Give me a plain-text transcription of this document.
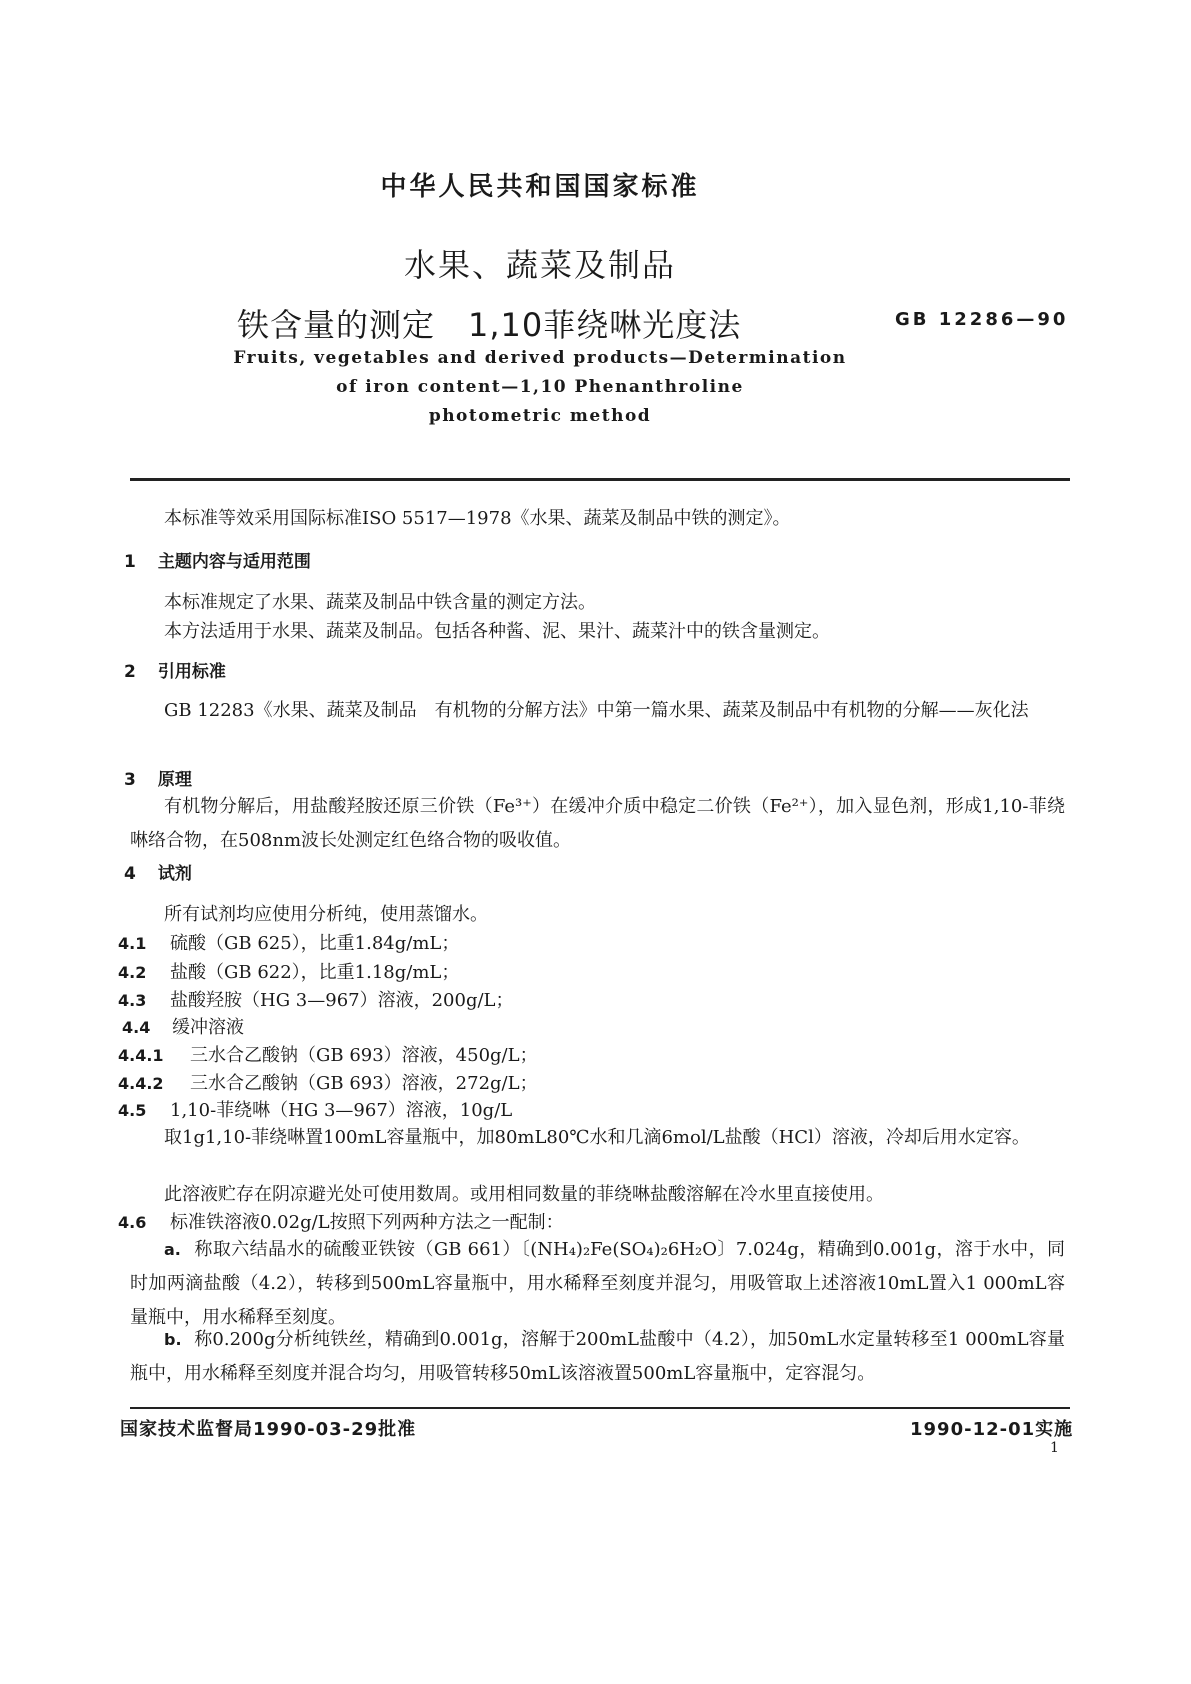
中华人民共和国国家标准
水果、蔬菜及制品
铁含量的测定　1,10菲绕啉光度法	GB 12286—90
Fruits, vegetables and derived products—Determination
of iron content—1,10 Phenanthroline
photometric method
本标准等效采用国际标准ISO 5517—1978《水果、蔬菜及制品中铁的测定》。
1 主题内容与适用范围
本标准规定了水果、蔬菜及制品中铁含量的测定方法。
本方法适用于水果、蔬菜及制品。包括各种酱、泥、果汁、蔬菜汁中的铁含量测定。
2 引用标准
GB 12283《水果、蔬菜及制品　有机物的分解方法》中第一篇水果、蔬菜及制品中有机物的分解——灰化法
3 原理
有机物分解后，用盐酸羟胺还原三价铁（Fe³⁺）在缓冲介质中稳定二价铁（Fe²⁺），加入显色剂，形成1,10-菲绕啉络合物，在508nm波长处测定红色络合物的吸收值。
4 试剂
所有试剂均应使用分析纯，使用蒸馏水。
4.1 硫酸（GB 625），比重1.84g/mL；
4.2 盐酸（GB 622），比重1.18g/mL；
4.3 盐酸羟胺（HG 3—967）溶液，200g/L；
4.4 缓冲溶液
4.4.1 三水合乙酸钠（GB 693）溶液，450g/L；
4.4.2 三水合乙酸钠（GB 693）溶液，272g/L；
4.5 1,10-菲绕啉（HG 3—967）溶液，10g/L
取1g1,10-菲绕啉置100mL容量瓶中，加80mL80℃水和几滴6mol/L盐酸（HCl）溶液，冷却后用水定容。
此溶液贮存在阴凉避光处可使用数周。或用相同数量的菲绕啉盐酸溶解在冷水里直接使用。
4.6 标准铁溶液0.02g/L按照下列两种方法之一配制：
a. 称取六结晶水的硫酸亚铁铵（GB 661）〔(NH₄)₂Fe(SO₄)₂6H₂O〕7.024g，精确到0.001g，溶于水中，同时加两滴盐酸（4.2），转移到500mL容量瓶中，用水稀释至刻度并混匀，用吸管取上述溶液10mL置入1 000mL容量瓶中，用水稀释至刻度。
b. 称0.200g分析纯铁丝，精确到0.001g，溶解于200mL盐酸中（4.2），加50mL水定量转移至1 000mL容量瓶中，用水稀释至刻度并混合均匀，用吸管转移50mL该溶液置500mL容量瓶中，定容混匀。
国家技术监督局1990-03-29批准	1990-12-01实施
1
